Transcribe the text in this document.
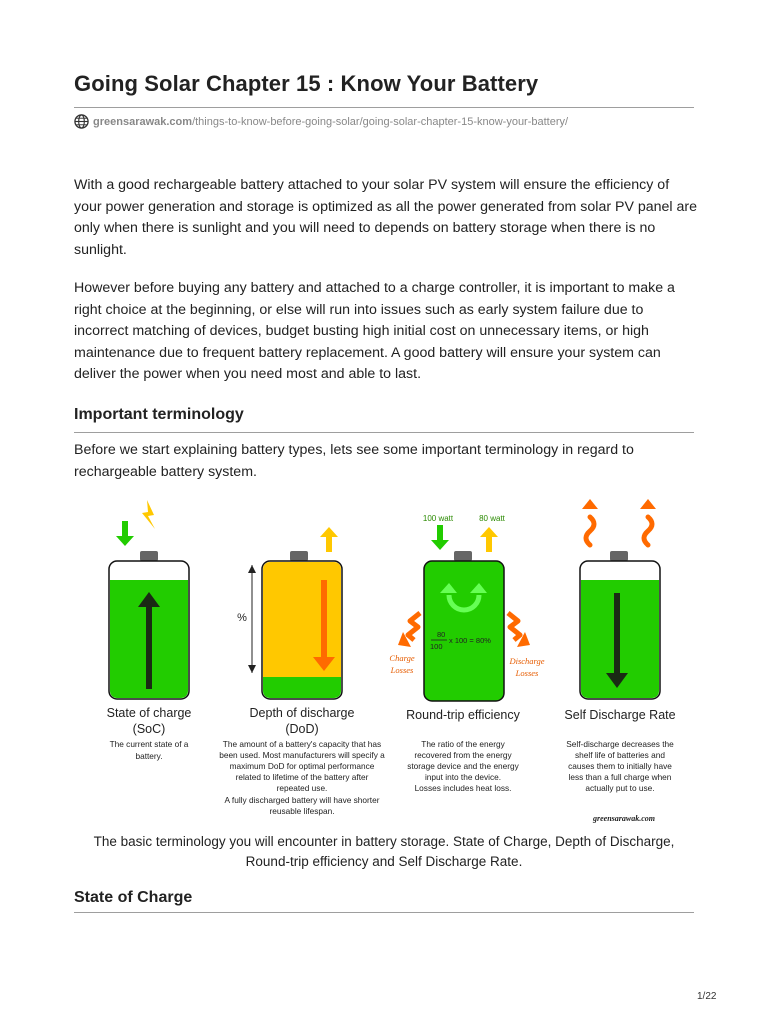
Going Solar Chapter 15 : Know Your Battery
greensarawak.com /things-to-know-before-going-solar/going-solar-chapter-15-know-your-battery/

With a good rechargeable battery attached to your solar PV system will ensure the efficiency of your power generation and storage is optimized as all the power generated from solar PV panel are only when there is sunlight and you will need to depends on battery storage when there is no sunlight.

However before buying any battery and attached to a charge controller, it is important to make a right choice at the beginning, or else will run into issues such as early system failure due to incorrect matching of devices, budget busting high initial cost on unnecessary items, or high maintenance due to frequent battery replacement. A good battery will ensure your system can deliver the power when you need most and able to last.

Important terminology

Before we start explaining battery types, lets see some important terminology in regard to rechargeable battery system.

State of charge
(SoC)
The current state of a
battery.
%
Depth of discharge
(DoD)
The amount of a battery's capacity that has
been used. Most manufacturers will specify a
maximum DoD for optimal performance
related to lifetime of the battery after
repeated use.
A fully discharged battery will have shorter
reusable lifespan.
100 watt	80 watt
80
100
x 100 = 80%
Charge
Losses
Discharge
Losses
Round-trip efficiency
The ratio of the energy
recovered from the energy
storage device and the energy
input into the device.
Losses includes heat loss.
Self Discharge Rate
Self-discharge decreases the
shelf life of batteries and
causes them to initially have
less than a full charge when
actually put to use.
greensarawak.com

The basic terminology you will encounter in battery storage. State of Charge, Depth of Discharge, Round-trip efficiency and Self Discharge Rate.

State of Charge
1/22
